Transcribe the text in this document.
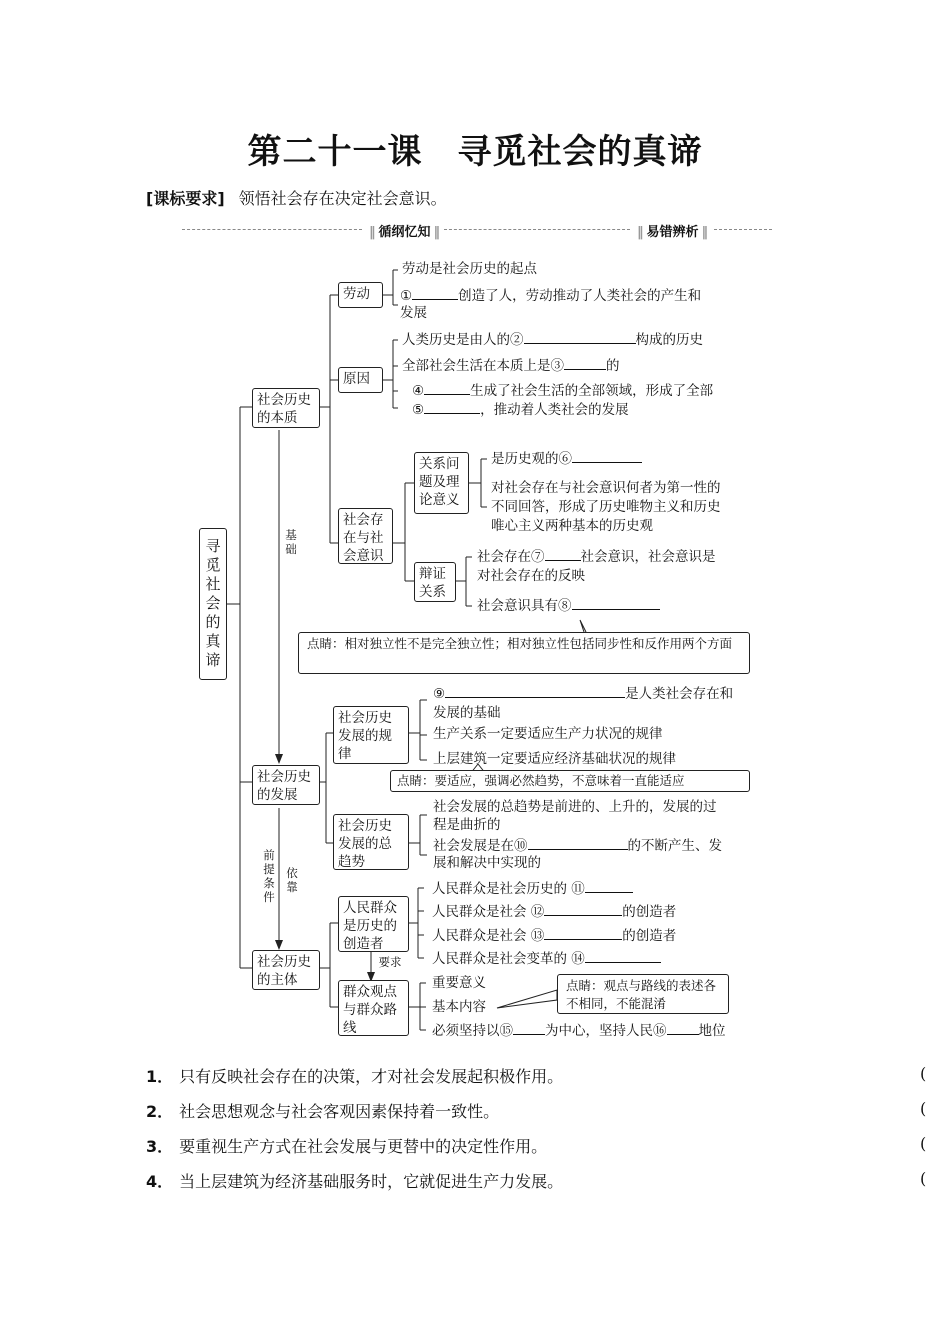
第二十一课　寻觅社会的真谛
[课标要求] 领悟社会存在决定社会意识。
‖ 循纲忆知 ‖
‖	易错辨析 ‖
寻觅社会的真谛
社会历史的本质
劳动
劳动是社会历史的起点
①	创造了人，劳动推动了人类社会的产生和
发展
原因
人类历史是由人的②	构成的历史
全部社会生活在本质上是③	的
④	生成了社会生活的全部领域，形成了全部
⑤	，推动着人类社会的发展
社会存在与社会意识
关系问题及理论意义
是历史观的⑥
对社会存在与社会意识何者为第一性的
不同回答，形成了历史唯物主义和历史
唯心主义两种基本的历史观
辩证关系
社会存在⑦	社会意识，社会意识是
对社会存在的反映
社会意识具有⑧
点睛：相对独立性不是完全独立性；相对独立性包括同步性和反作用两个方面
基础
社会历史的发展
社会历史发展的规律
⑨	是人类社会存在和
发展的基础
生产关系一定要适应生产力状况的规律
上层建筑一定要适应经济基础状况的规律
点睛：要适应，强调必然趋势，不意味着一直能适应
社会历史发展的总趋势
社会发展的总趋势是前进的、上升的，发展的过
程是曲折的
社会发展是在⑩	的不断产生、发
展和解决中实现的
前提条件
依靠
社会历史的主体
人民群众是历史的创造者
人民群众是社会历史的 ⑪
人民群众是社会 ⑫	的创造者
人民群众是社会 ⑬	的创造者
人民群众是社会变革的 ⑭
要求
群众观点与群众路线
重要意义
基本内容
必须坚持以⑮ 为中心，坚持人民⑯ 地位
点睛：观点与路线的表述各不相同，不能混淆
1． 只有反映社会存在的决策，才对社会发展起积极作用。	(
2． 社会思想观念与社会客观因素保持着一致性。	(
3． 要重视生产方式在社会发展与更替中的决定性作用。	(
4． 当上层建筑为经济基础服务时，它就促进生产力发展。	(
